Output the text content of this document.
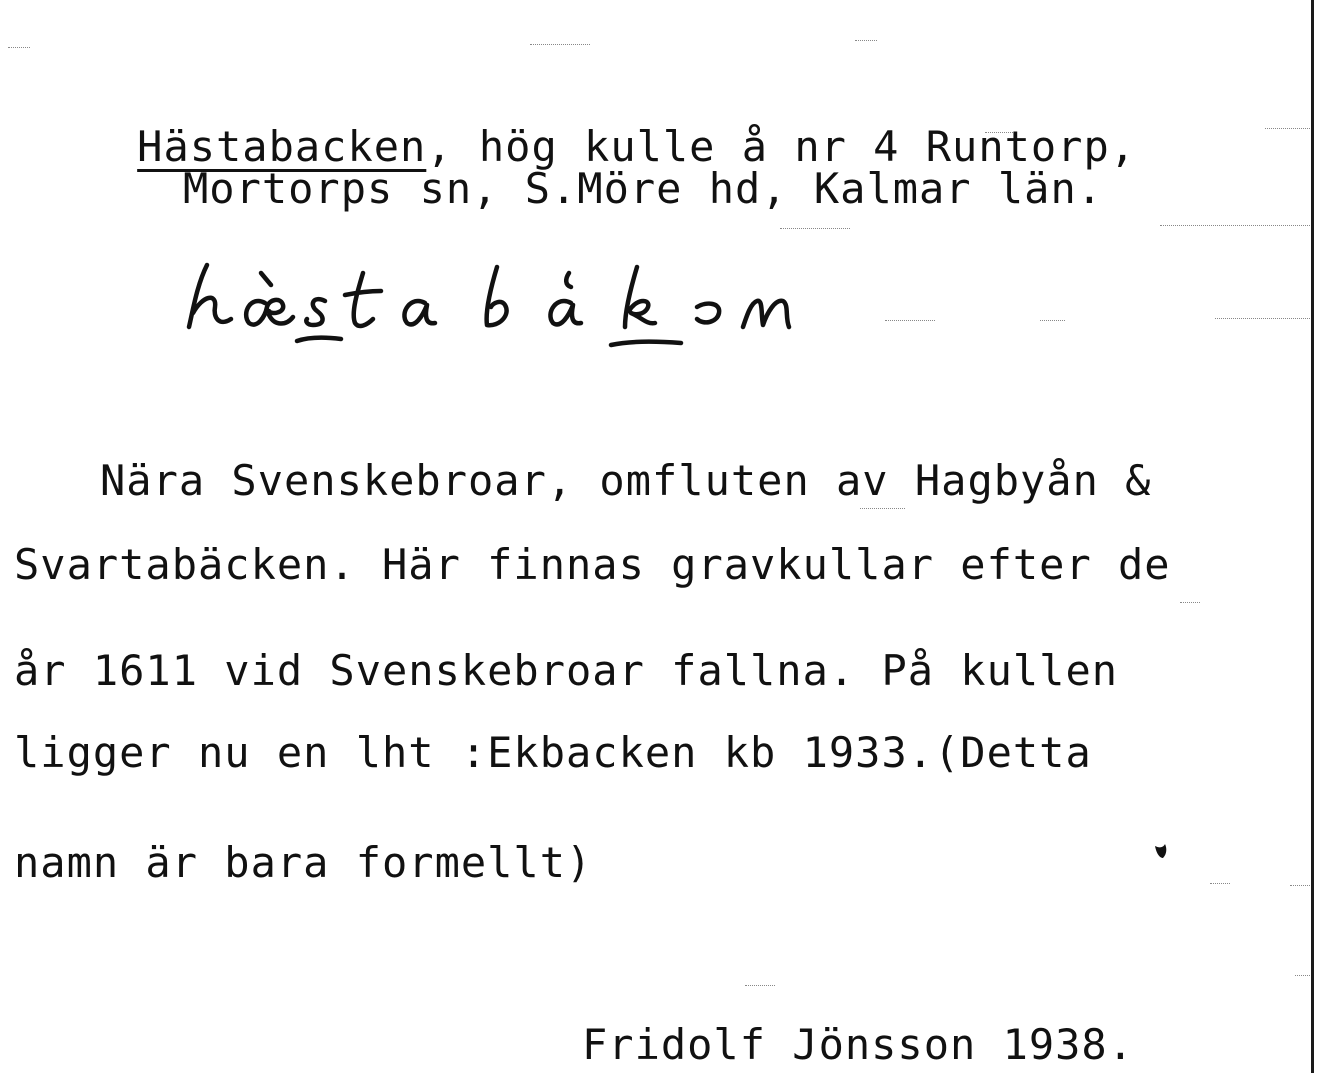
Hästabacken, hög kulle å nr 4 Runtorp,

Mortorps sn, S.Möre hd, Kalmar län.
Nära Svenskebroar, omfluten av Hagbyån &
Svartabäcken. Här finnas gravkullar efter de
år 1611 vid Svenskebroar fallna. På kullen
ligger nu en lht :Ekbacken kb 1933.(Detta
namn är bara formellt)
Fridolf Jönsson 1938.
